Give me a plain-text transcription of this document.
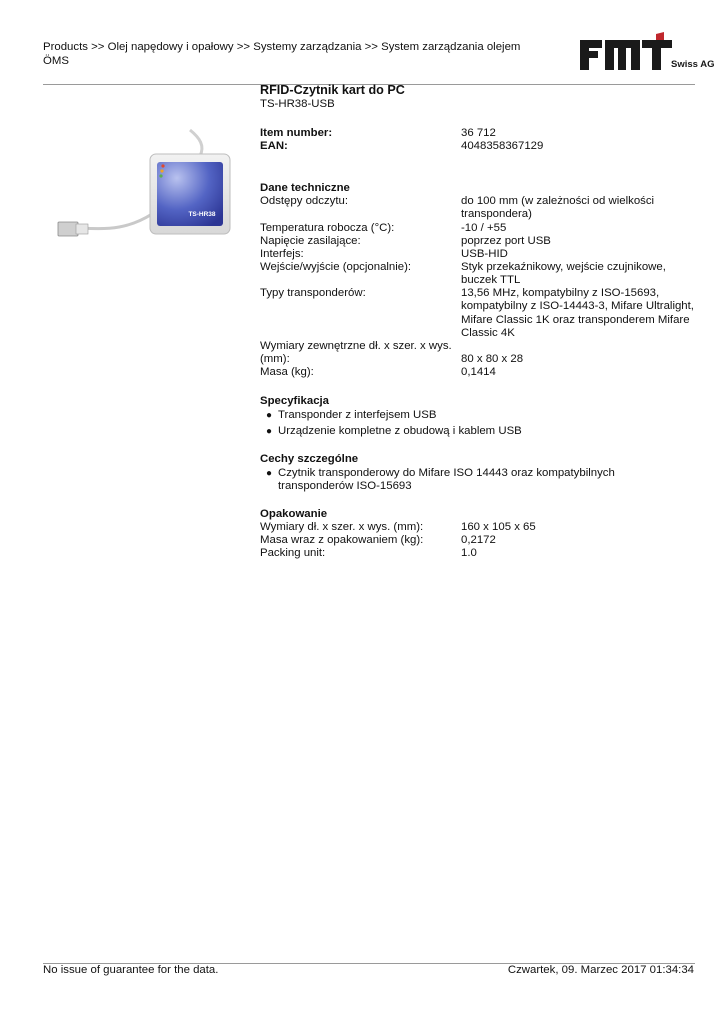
Products >> Olej napędowy i opałowy >> Systemy zarządzania >> System zarządzania olejem ÖMS	Swiss AG
TS-HR38
RFID-Czytnik kart do PC
TS-HR38-USB
Item number:	36 712
EAN:	4048358367129
Dane techniczne
Odstępy odczytu:	do 100 mm (w zależności od wielkości transpondera)
Temperatura robocza (°C):	-10 / +55
Napięcie zasilające:	poprzez port USB
Interfejs:	USB-HID
Wejście/wyjście (opcjonalnie):	Styk przekaźnikowy, wejście czujnikowe, buczek TTL
Typy transponderów:	13,56 MHz, kompatybilny z ISO-15693, kompatybilny z ISO-14443-3, Mifare Ultralight, Mifare Classic 1K oraz transponderem Mifare Classic 4K
Wymiary zewnętrzne dł. x szer. x wys. (mm):	80 x 80 x 28
Masa (kg):	0,1414
Specyfikacja
● Transponder z interfejsem USB
● Urządzenie kompletne z obudową i kablem USB
Cechy szczególne
● Czytnik transponderowy do Mifare ISO 14443 oraz kompatybilnych transponderów ISO-15693
Opakowanie
Wymiary dł. x szer. x wys. (mm):	160 x 105 x 65
Masa wraz z opakowaniem (kg):	0,2172
Packing unit:	1.0
No issue of guarantee for the data.	Czwartek, 09. Marzec 2017 01:34:34
